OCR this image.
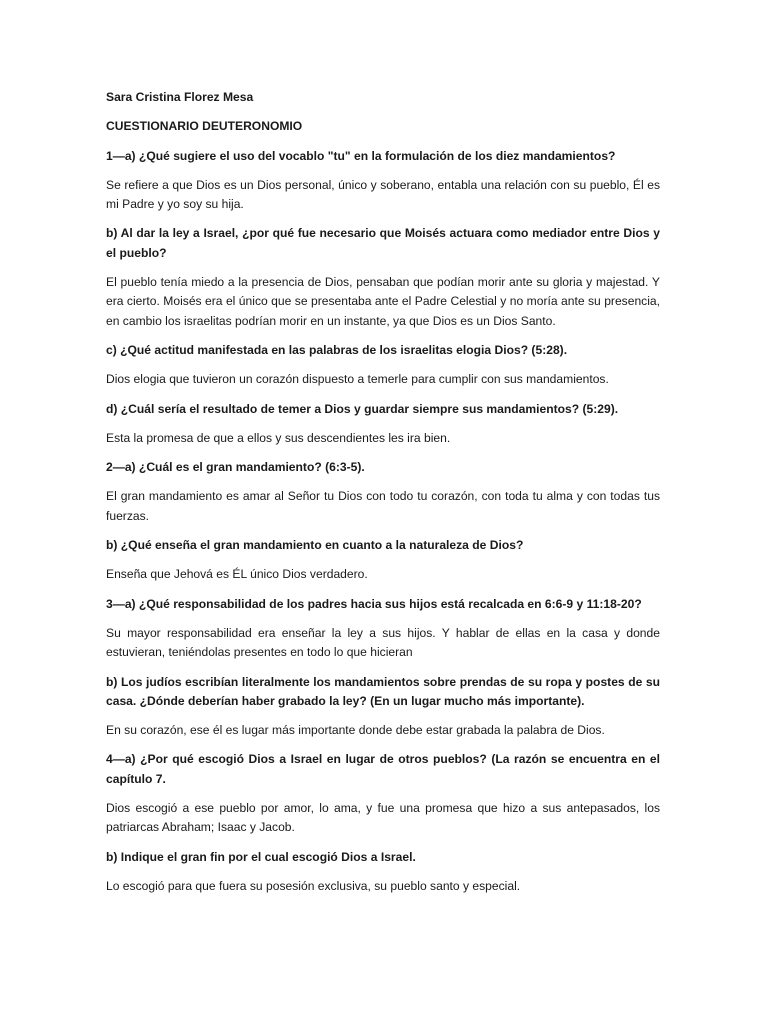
Sara Cristina Florez Mesa

CUESTIONARIO DEUTERONOMIO

1—a) ¿Qué sugiere el uso del vocablo "tu" en la formulación de los diez mandamientos?

Se refiere a que Dios es un Dios personal, único y soberano, entabla una relación con su pueblo, Él es mi Padre y yo soy su hija.

b) Al dar la ley a Israel, ¿por qué fue necesario que Moisés actuara como mediador entre Dios y el pueblo?

El pueblo tenía miedo a la presencia de Dios, pensaban que podían morir ante su gloria y majestad. Y era cierto. Moisés era el único que se presentaba ante el Padre Celestial y no moría ante su presencia, en cambio los israelitas podrían morir en un instante, ya que Dios es un Dios Santo.

c) ¿Qué actitud manifestada en las palabras de los israelitas elogia Dios? (5:28).

Dios elogia que tuvieron un corazón dispuesto a temerle para cumplir con sus mandamientos.

d) ¿Cuál sería el resultado de temer a Dios y guardar siempre sus mandamientos? (5:29).

Esta la promesa de que a ellos y sus descendientes les ira bien.

2—a) ¿Cuál es el gran mandamiento? (6:3-5).

El gran mandamiento es amar al Señor tu Dios con todo tu corazón, con toda tu alma y con todas tus fuerzas.

b) ¿Qué enseña el gran mandamiento en cuanto a la naturaleza de Dios?

Enseña que Jehová es ÉL único Dios verdadero.

3—a) ¿Qué responsabilidad de los padres hacia sus hijos está recalcada en 6:6-9 y 11:18-20?

Su mayor responsabilidad era enseñar la ley a sus hijos. Y hablar de ellas en la casa y donde estuvieran, teniéndolas presentes en todo lo que hicieran

b) Los judíos escribían literalmente los mandamientos sobre prendas de su ropa y postes de su casa. ¿Dónde deberían haber grabado la ley? (En un lugar mucho más importante).

En su corazón, ese él es lugar más importante donde debe estar grabada la palabra de Dios.

4—a) ¿Por qué escogió Dios a Israel en lugar de otros pueblos? (La razón se encuentra en el capítulo 7.

Dios escogió a ese pueblo por amor, lo ama, y fue una promesa que hizo a sus antepasados, los patriarcas Abraham; Isaac y Jacob.

b) Indique el gran fin por el cual escogió Dios a Israel.

Lo escogió para que fuera su posesión exclusiva, su pueblo santo y especial.
